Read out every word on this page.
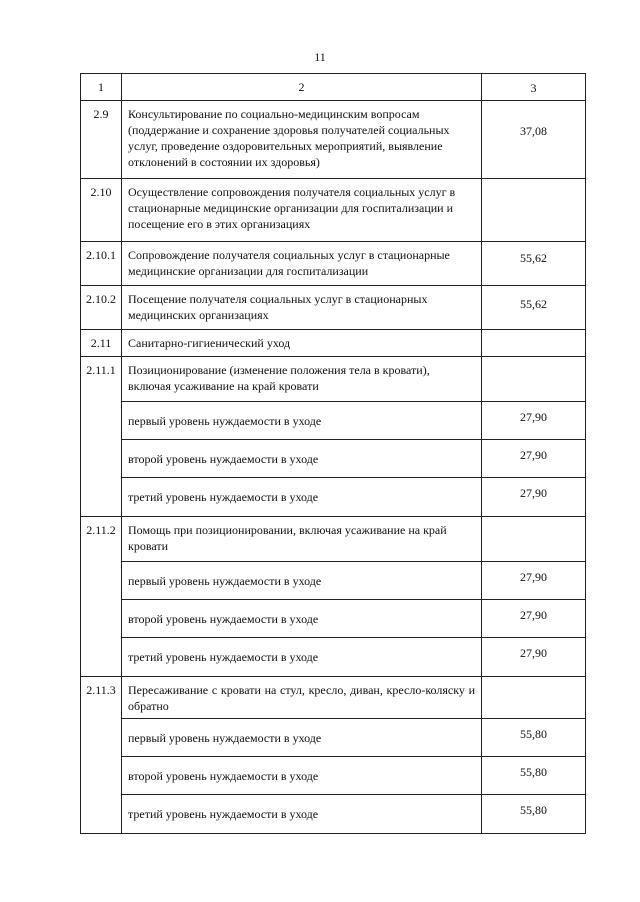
11
1	2	3
2.9	Консультирование по социально-медицинским вопросам (поддержание и сохранение здоровья получателей социальных услуг, проведение оздоровительных мероприятий, выявление отклонений в состоянии их здоровья)	37,08
2.10	Осуществление сопровождения получателя социальных услуг в стационарные медицинские организации для госпитализации и посещение его в этих организациях	
2.10.1	Сопровождение получателя социальных услуг в стационарные медицинские организации для госпитализации	55,62
2.10.2	Посещение получателя социальных услуг в стационарных медицинских организациях	55,62
2.11	Санитарно-гигиенический уход	
2.11.1	Позиционирование (изменение положения тела в кровати), включая усаживание на край кровати	
	первый уровень нуждаемости в уходе	27,90
	второй уровень нуждаемости в уходе	27,90
	третий уровень нуждаемости в уходе	27,90
2.11.2	Помощь при позиционировании, включая усаживание на край кровати	
	первый уровень нуждаемости в уходе	27,90
	второй уровень нуждаемости в уходе	27,90
	третий уровень нуждаемости в уходе	27,90
2.11.3	Пересаживание с кровати на стул, кресло, диван, кресло-коляску и обратно	
	первый уровень нуждаемости в уходе	55,80
	второй уровень нуждаемости в уходе	55,80
	третий уровень нуждаемости в уходе	55,80
